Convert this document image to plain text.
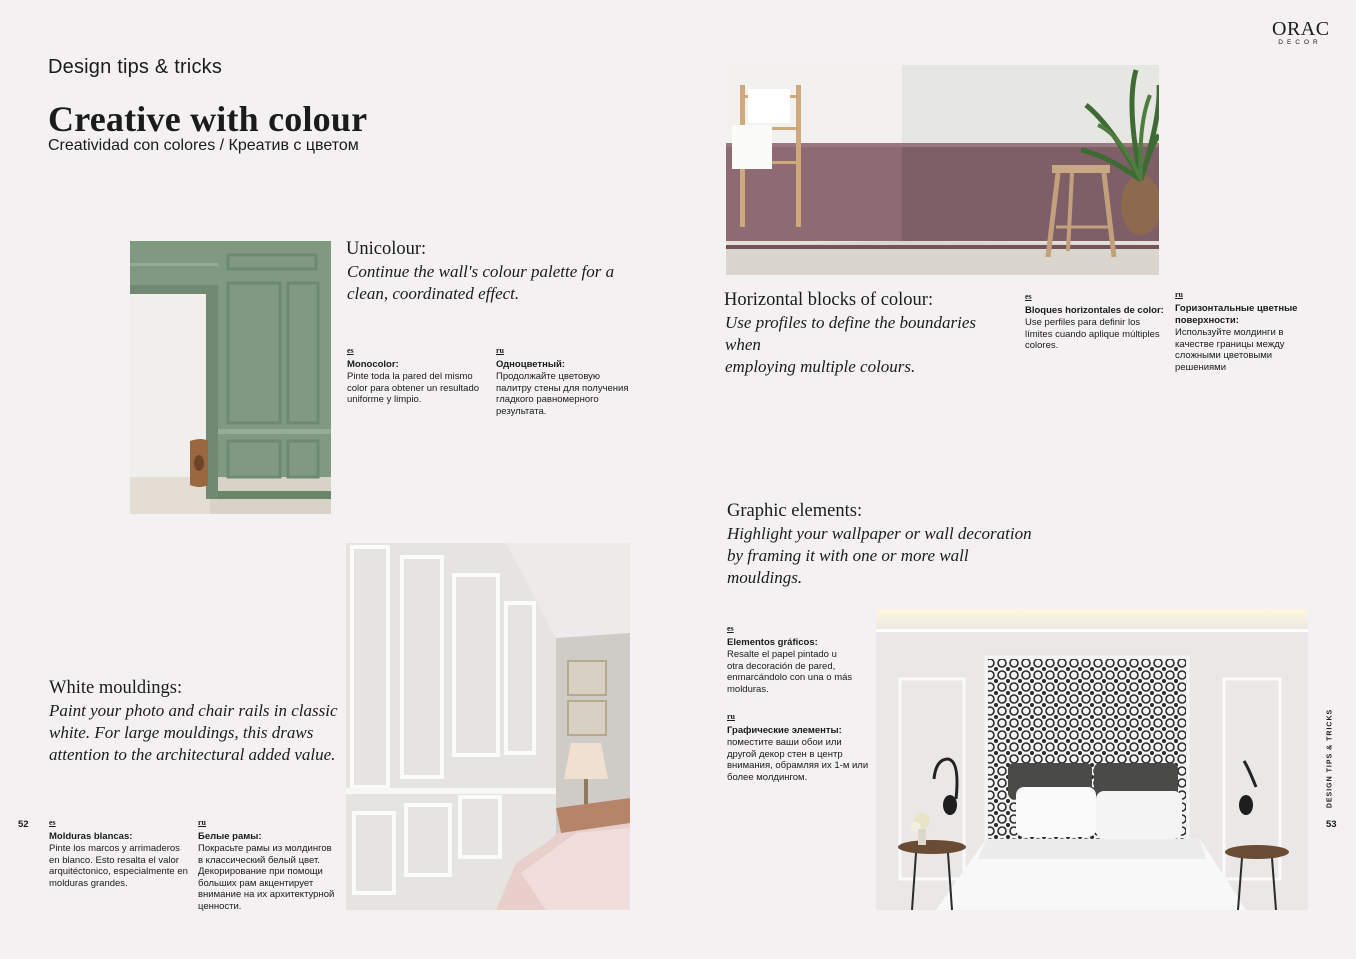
ORAC
DECOR
Design tips & tricks
Creative with colour
Creatividad con colores / Креатив с цветом
Unicolour:
Continue the wall's colour palette for a
clean, coordinated effect.
es
Monocolor:
Pinte toda la pared del mismo
color para obtener un resultado
uniforme y limpio.
ru
Одноцветный:
Продолжайте цветовую
палитру стены для получения
гладкого равномерного
результата.
White mouldings:
Paint your photo and chair rails in classic
white. For large mouldings, this draws
attention to the architectural added value.
es
Molduras blancas:
Pinte los marcos y arrimaderos
en blanco. Esto resalta el valor
arquitéctonico, especialmente en
molduras grandes.
ru
Белые рамы:
Покрасьте рамы из молдингов
в классический белый цвет.
Декорирование при помощи
больших рам акцентирует
внимание на их архитектурной
ценности.
52
Horizontal blocks of colour:
Use profiles to define the boundaries when
employing multiple colours.
es
Bloques horizontales de color:
Use perfiles para definir los
límites cuando aplique múltiples
colores.
ru
Горизонтальные цветные
поверхности:
Используйте молдинги в
качестве границы между
сложными цветовыми
решениями
Graphic elements:
Highlight your wallpaper or wall decoration
by framing it with one or more wall
mouldings.
es
Elementos gráficos:
Resalte el papel pintado u
otra decoración de pared,
enmarcándolo con una o más
molduras.
ru
Графические элементы:
поместите ваши обои или
другой декор стен в центр
внимания, обрамляя их 1-м или
более молдингом.	DESIGN TIPS & TRICKS
53
